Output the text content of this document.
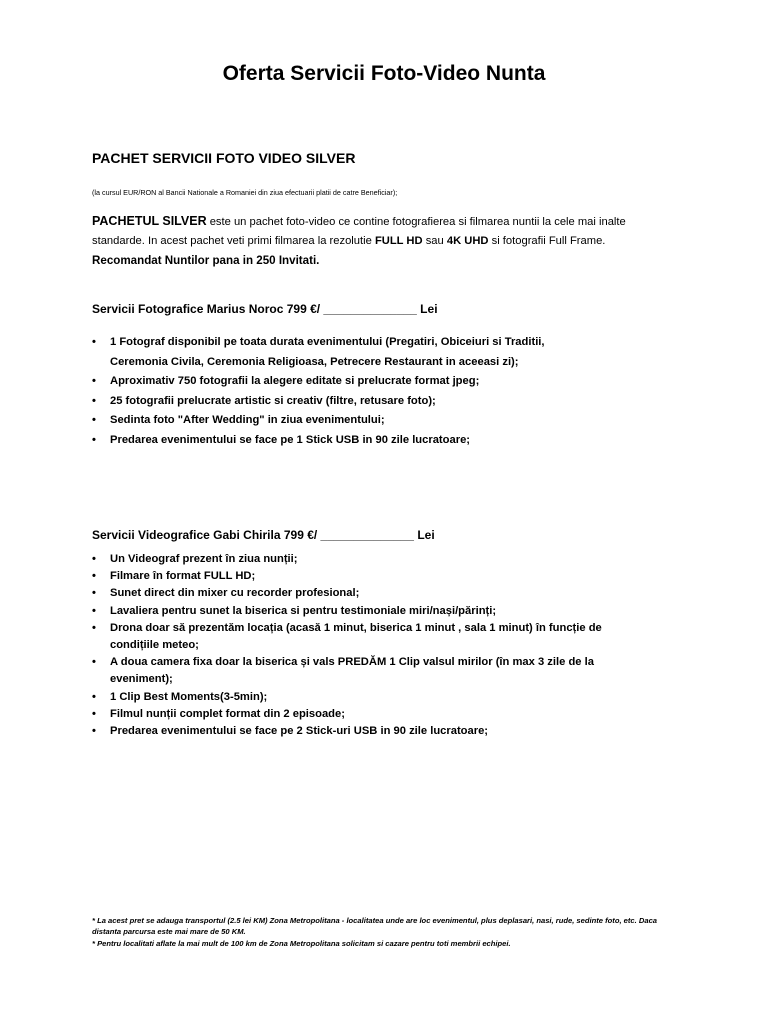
Oferta Servicii Foto-Video Nunta
PACHET SERVICII FOTO VIDEO SILVER
(la cursul EUR/RON al Bancii Nationale a Romaniei din ziua efectuarii platii de catre Beneficiar);
PACHETUL SILVER este un pachet foto-video ce contine fotografierea si filmarea nuntii la cele mai inalte standarde. In acest pachet veti primi filmarea la rezolutie FULL HD sau 4K UHD si fotografii Full Frame.
Recomandat Nuntilor pana in 250 Invitati.
Servicii Fotografice Marius Noroc 799 €/ ______________ Lei
• 1 Fotograf disponibil pe toata durata evenimentului (Pregatiri, Obiceiuri si Traditii, Ceremonia Civila, Ceremonia Religioasa, Petrecere Restaurant in aceeasi zi);
• Aproximativ 750 fotografii la alegere editate si prelucrate format jpeg;
• 25 fotografii prelucrate artistic si creativ (filtre, retusare foto);
• Sedinta foto "After Wedding" in ziua evenimentului;
• Predarea evenimentului se face pe 1 Stick USB in 90 zile lucratoare;
Servicii Videografice Gabi Chirila 799 €/ ______________ Lei
• Un Videograf prezent în ziua nunții;
• Filmare în format FULL HD;
• Sunet direct din mixer cu recorder profesional;
• Lavaliera pentru sunet la biserica si pentru testimoniale miri/nași/părinți;
• Drona doar să prezentăm locația (acasă 1 minut, biserica 1 minut , sala 1 minut) în funcție de condițiile meteo;
• A doua camera fixa doar la biserica și vals PREDĂM 1 Clip valsul mirilor (în max 3 zile de la eveniment);
• 1 Clip Best Moments(3-5min);
• Filmul nunții complet format din 2 episoade;
• Predarea evenimentului se face pe 2 Stick-uri USB in 90 zile lucratoare;
* La acest pret se adauga transportul (2.5 lei KM) Zona Metropolitana - localitatea unde are loc evenimentul, plus deplasari, nasi, rude, sedinte foto, etc. Daca distanta parcursa este mai mare de 50 KM.
* Pentru localitati aflate la mai mult de 100 km de Zona Metropolitana solicitam si cazare pentru toti membrii echipei.
